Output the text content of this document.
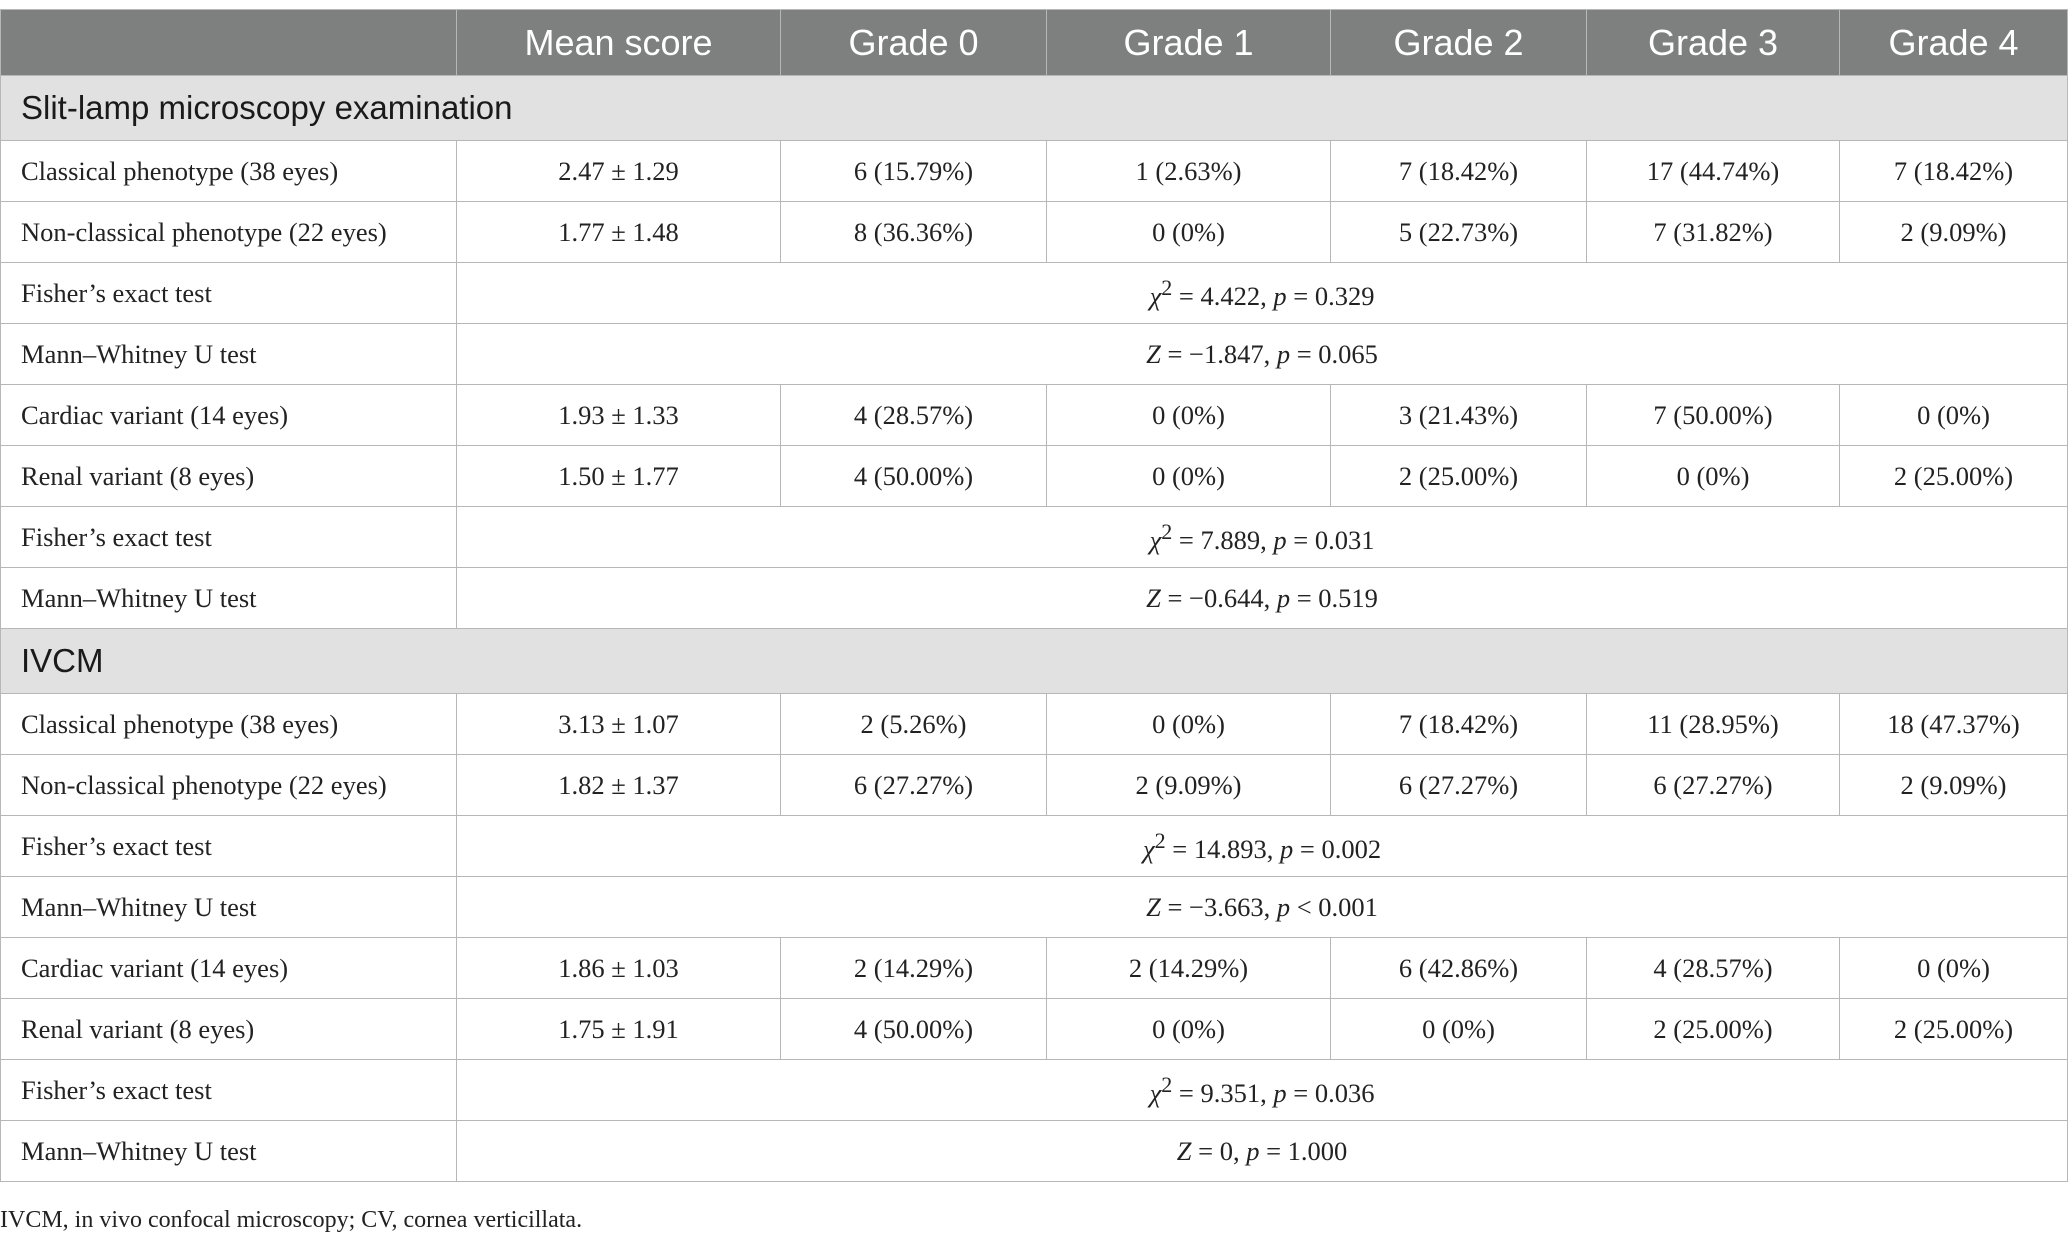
	Mean score	Grade 0	Grade 1	Grade 2	Grade 3	Grade 4
Slit-lamp microscopy examination						
Classical phenotype (38 eyes)	2.47 ± 1.29	6 (15.79%)	1 (2.63%)	7 (18.42%)	17 (44.74%)	7 (18.42%)
Non-classical phenotype (22 eyes)	1.77 ± 1.48	8 (36.36%)	0 (0%)	5 (22.73%)	7 (31.82%)	2 (9.09%)
Fisher’s exact test	$\chi^2 = 4.422$, p = 0.329					
Mann–Whitney U test	Z = −1.847, p = 0.065					
Cardiac variant (14 eyes)	1.93 ± 1.33	4 (28.57%)	0 (0%)	3 (21.43%)	7 (50.00%)	0 (0%)
Renal variant (8 eyes)	1.50 ± 1.77	4 (50.00%)	0 (0%)	2 (25.00%)	0 (0%)	2 (25.00%)
Fisher’s exact test	$\chi^2 = 7.889$, p = 0.031					
Mann–Whitney U test	Z = −0.644, p = 0.519					
IVCM						
Classical phenotype (38 eyes)	3.13 ± 1.07	2 (5.26%)	0 (0%)	7 (18.42%)	11 (28.95%)	18 (47.37%)
Non-classical phenotype (22 eyes)	1.82 ± 1.37	6 (27.27%)	2 (9.09%)	6 (27.27%)	6 (27.27%)	2 (9.09%)
Fisher’s exact test	$\chi^2 = 14.893$, p = 0.002					
Mann–Whitney U test	Z = −3.663, p < 0.001					
Cardiac variant (14 eyes)	1.86 ± 1.03	2 (14.29%)	2 (14.29%)	6 (42.86%)	4 (28.57%)	0 (0%)
Renal variant (8 eyes)	1.75 ± 1.91	4 (50.00%)	0 (0%)	0 (0%)	2 (25.00%)	2 (25.00%)
Fisher’s exact test	$\chi^2 = 9.351$, p = 0.036					
Mann–Whitney U test	Z = 0, p = 1.000					
IVCM, in vivo confocal microscopy; CV, cornea verticillata.
